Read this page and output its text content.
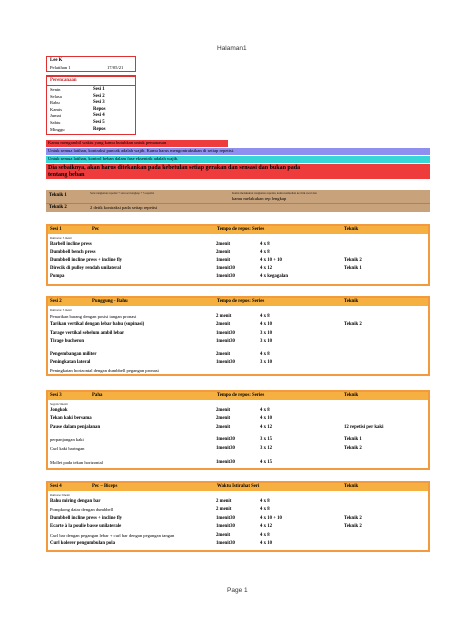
Halaman1
Page 1
Lee K
Pelatihan 1	17/05/21
Perencanaan
Senin	Sesi 1
Selasa	Sesi 2
Rabu	Sesi 3
Kamis	Repos
Jumat	Sesi 4
Sabtu	Sesi 5
Minggu	Repos
Kamu mengambil waktu yang kamu butuhkan untuk pemanasan
Untuk semua latihan, kontraksi puncak adalah wajib. Kamu harus mengontraksikan di setiap repetisi.
Untuk semua latihan, kontrol beban dalam fase eksentrik adalah wajib.
Dia sebaiknya, akan harus ditekankan pada kebetulan setiap gerakan dan sensasi dan bukan pada
tentang beban
Teknik 1	Satu rangkaian repetisi + satu set lengkap + 5 repetisi	Kamu melakukan rangkaian repetisi, kamu kemudian ke titik awal dan
kamu melakukan rep lengkap
Teknik 2	2 detik kontraksi pada setiap repetisi
Sesi 1	Pec	Tempo de repos: Series	Teknik
Rumorne: 5 menit
Barbell incline press	2menit	4 x 8
Dumbbell bench press	2menit	4 x 8
Dumbbell incline press + incline fly	1menit	4 x 10 + 10	Teknik 2
Direcik di pulley rendah unilateral	1menit30	4 x 12	Teknik 1
Pompa	1menit30	4 x kegagalan
Sesi 2	Punggung - Bahu	Tempo de repos: Series	Teknik
Rumorne: 5 menit
Penarikan barang dengan posisi tangan pronasi	2 menit	4 x 8
Tarikan vertikal dengan lebar bahu (supinasi)	2menit	4 x 10	Teknik 2
Tarage vertikal sebelum ambil lebar	1menit30	3 x 10
Tirage bucheron	1menit30	3 x 10
Pengembangan militer	2menit	4 x 8
Peningkatan lateral	1menit30	3 x 10
Peningkatan horizontal dengan dumbbell pegangan pronasi
Sesi 3	Paha	Tempo de repos: Series	Teknik
Segeda 5menit
Jongkok	2menit	4 x 8
Tekan kaki bersama	2menit	4 x 10
Pause dalam penjalanan	2menit	4 x 12	12 repetisi per kaki
perpanjangan kaki	1menit30	3 x 15	Teknik 1
Curl kaki baringan	1menit30	3 x 12	Teknik 2
Mollet pada tekan horizontal	1menit30	4 x 15
Sesi 4	Pec – Biceps	Waktu Istirahat Seri	Teknik
Rumorse 5menit
Bahu miring dengan bar	2 menit	4 x 8
Pompkong datar dengan dumbbell	2 menit	4 x 8
Dumbbell incline press + incline fly	1menit30	4 x 10 + 10	Teknik 2
Ecarte à la poulie basse unilaterale	1menit30	4 x 12	Teknik 2
Curl bar dengan pegangan lebar + curl bar dengan pegangan tangan	2menit	4 x 8
Curl kolerer pengumbulan pola	1menit30	4 x 10
